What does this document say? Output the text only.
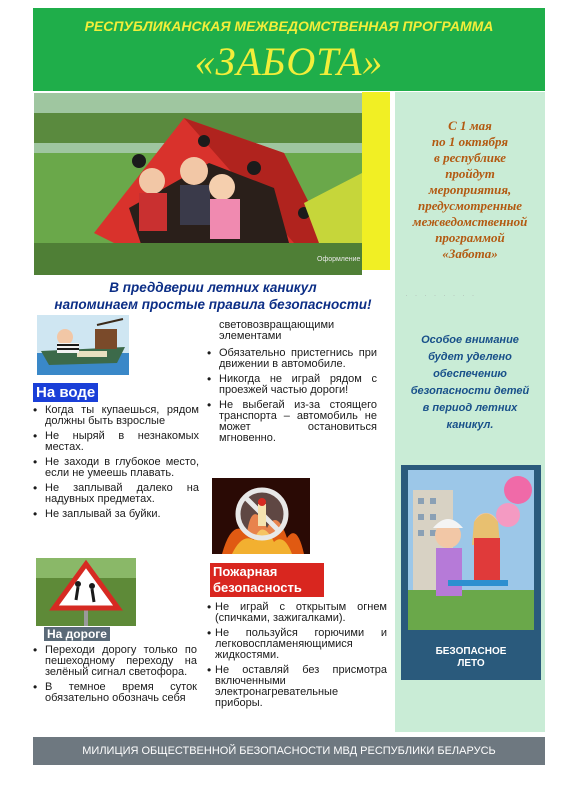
РЕСПУБЛИКАНСКАЯ МЕЖВЕДОМСТВЕННАЯ ПРОГРАММА
«ЗАБОТА»
Оформление
С 1 мая
по 1 октября
в республике
пройдут
мероприятия,
предусмотренные
межведомственной
программой
«Забота»
· · · · · · · ·
Особое внимание
будет уделено
обеспечению
безопасности детей
в период летних
каникул.
БЕЗОПАСНОЕ
ЛЕТО
В преддверии летних каникул
напоминаем простые правила безопасности!
На воде
• Когда ты купаешься, рядом должны быть взрослые
• Не ныряй в незнакомых местах.
• Не заходи в глубокое место, если не умеешь плавать.
• Не заплывай далеко на надувных предметах.
• Не заплывай за буйки.
На дороге
• Переходи дорогу только по пешеходному переходу на зелёный сигнал светофора.
• В темное время суток обязательно обозначь себя
световозвращающими элементами
• Обязательно пристегнись при движении в автомобиле.
• Никогда не играй рядом с проезжей частью дороги!
• Не выбегай из-за стоящего транспорта – автомобиль не может остановиться мгновенно.
Пожарная безопасность
• Не играй с открытым огнем (спичками, зажигалками).
• Не пользуйся горючими и легковоспламеняющимися жидкостями.
• Не оставляй без присмотра включенными электронагревательные приборы.
МИЛИЦИЯ ОБЩЕСТВЕННОЙ БЕЗОПАСНОСТИ МВД РЕСПУБЛИКИ БЕЛАРУСЬ
